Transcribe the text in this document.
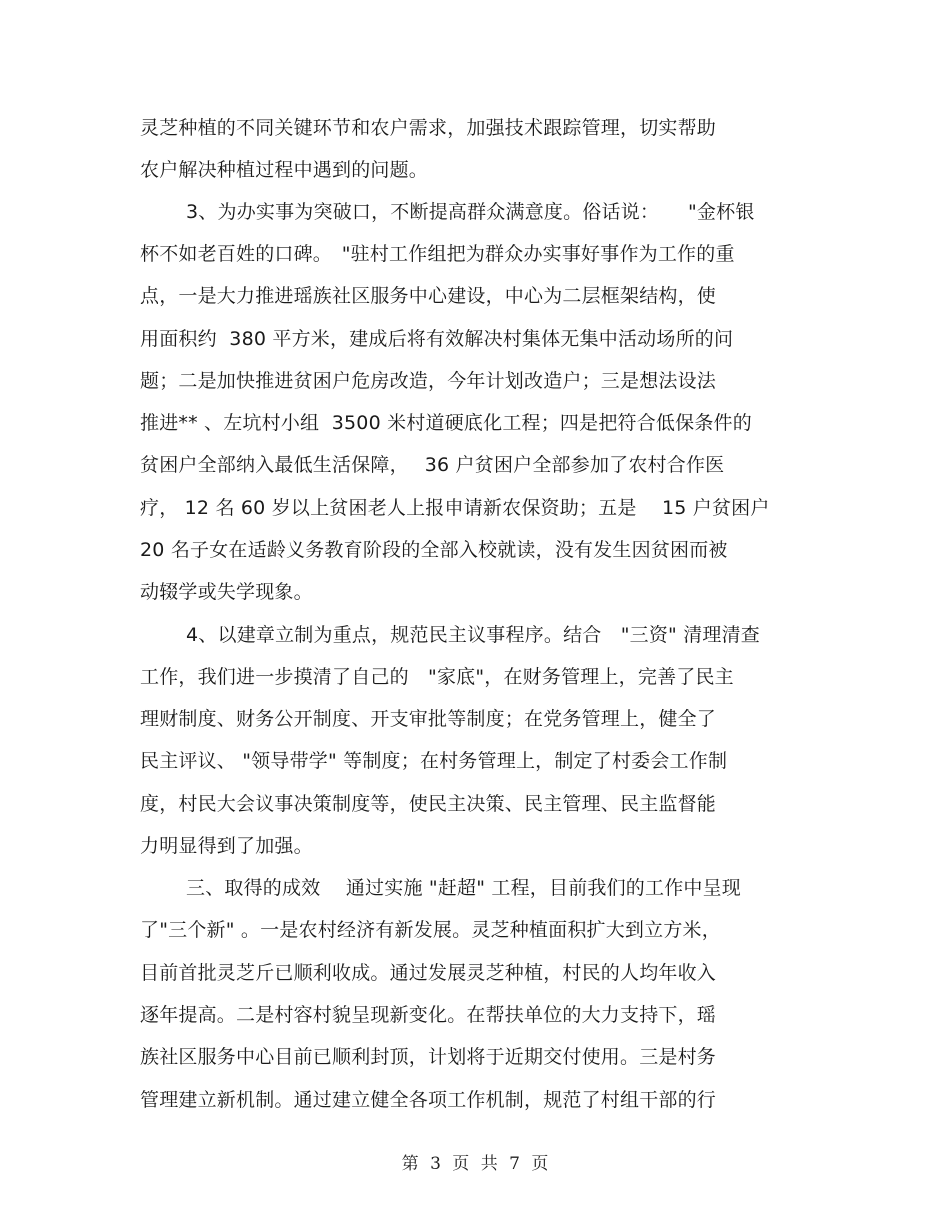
灵芝种植的不同关键环节和农户需求，加强技术跟踪管理，切实帮助
农户解决种植过程中遇到的问题。
3、为办实事为突破口，不断提高群众满意度。俗话说：　　"金杯银
杯不如老百姓的口碑。　"驻村工作组把为群众办实事好事作为工作的重
点，一是大力推进瑶族社区服务中心建设，中心为二层框架结构，使
用面积约  380 平方米，建成后将有效解决村集体无集中活动场所的问
题；二是加快推进贫困户危房改造，今年计划改造户；三是想法设法
推进** 、左坑村小组  3500 米村道硬底化工程；四是把符合低保条件的
贫困户全部纳入最低生活保障，　 36 户贫困户全部参加了农村合作医
疗， 12 名 60 岁以上贫困老人上报申请新农保资助；五是　 15 户贫困户
20 名子女在适龄义务教育阶段的全部入校就读，没有发生因贫困而被
动辍学或失学现象。
4、以建章立制为重点，规范民主议事程序。结合　"三资" 清理清查
工作，我们进一步摸清了自己的　"家底"，在财务管理上，完善了民主
理财制度、财务公开制度、开支审批等制度；在党务管理上，健全了
民主评议、 "领导带学" 等制度；在村务管理上，制定了村委会工作制
度，村民大会议事决策制度等，使民主决策、民主管理、民主监督能
力明显得到了加强。
三、取得的成效　 通过实施 "赶超" 工程，目前我们的工作中呈现
了"三个新" 。一是农村经济有新发展。灵芝种植面积扩大到立方米，
目前首批灵芝斤已顺利收成。通过发展灵芝种植，村民的人均年收入
逐年提高。二是村容村貌呈现新变化。在帮扶单位的大力支持下，瑶
族社区服务中心目前已顺利封顶，计划将于近期交付使用。三是村务
管理建立新机制。通过建立健全各项工作机制，规范了村组干部的行
第 3 页 共 7 页
